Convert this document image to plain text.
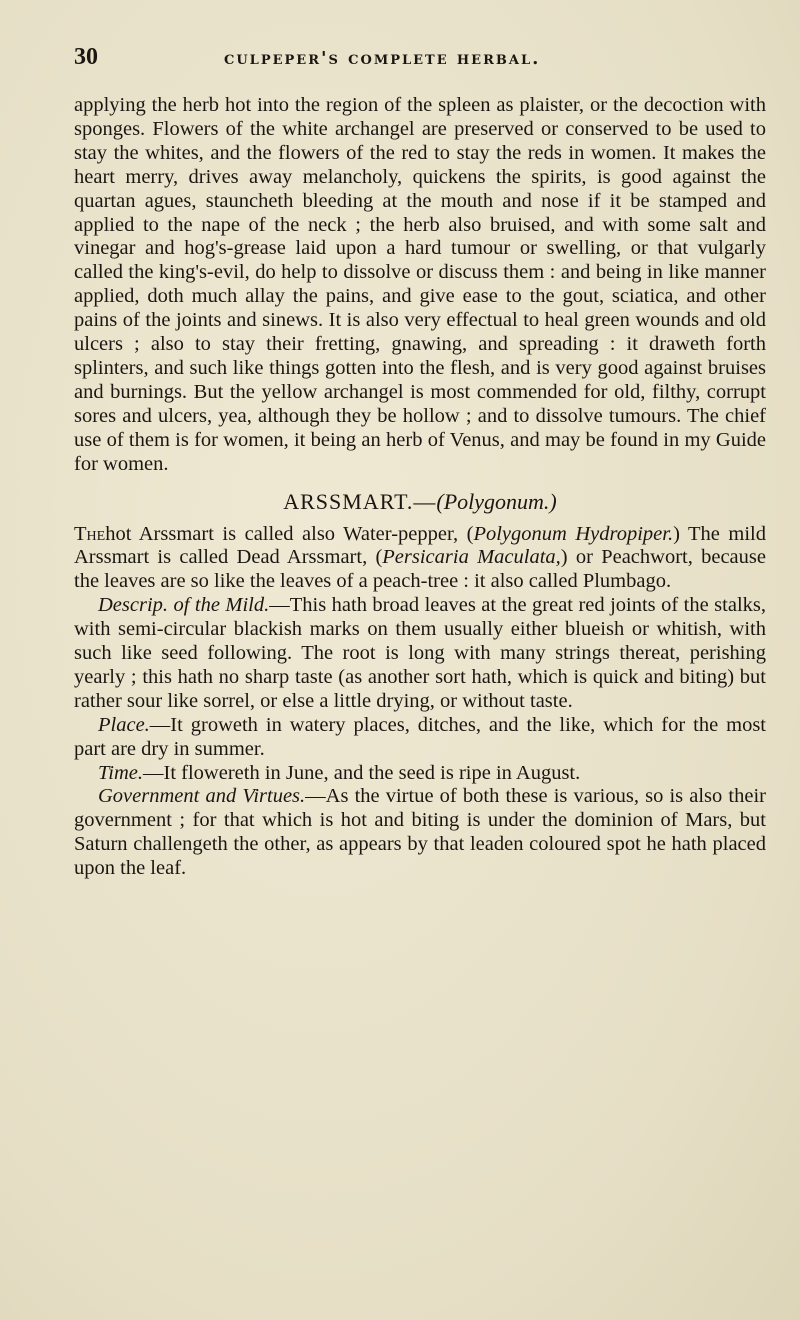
30	culpeper's complete herbal.

applying the herb hot into the region of the spleen as plaister, or the decoction with sponges. Flowers of the white archangel are preserved or conserved to be used to stay the whites, and the flowers of the red to stay the reds in women. It makes the heart merry, drives away melancholy, quickens the spirits, is good against the quartan agues, stauncheth bleeding at the mouth and nose if it be stamped and applied to the nape of the neck ; the herb also bruised, and with some salt and vinegar and hog's-grease laid upon a hard tumour or swelling, or that vulgarly called the king's-evil, do help to dissolve or discuss them : and being in like manner applied, doth much allay the pains, and give ease to the gout, sciatica, and other pains of the joints and sinews. It is also very effectual to heal green wounds and old ulcers ; also to stay their fretting, gnawing, and spreading : it draweth forth splinters, and such like things gotten into the flesh, and is very good against bruises and burnings. But the yellow archangel is most commended for old, filthy, corrupt sores and ulcers, yea, although they be hollow ; and to dissolve tumours. The chief use of them is for women, it being an herb of Venus, and may be found in my Guide for women.

ARSSMART.—(Polygonum.)

Thehot Arssmart is called also Water-pepper, (Polygonum Hydropiper.) The mild Arssmart is called Dead Arssmart, (Persicaria Maculata,) or Peachwort, because the leaves are so like the leaves of a peach-tree : it also called Plumbago.

Descrip. of the Mild.—This hath broad leaves at the great red joints of the stalks, with semi-circular blackish marks on them usually either blueish or whitish, with such like seed following. The root is long with many strings thereat, perishing yearly ; this hath no sharp taste (as another sort hath, which is quick and biting) but rather sour like sorrel, or else a little drying, or without taste.

Place.—It groweth in watery places, ditches, and the like, which for the most part are dry in summer.

Time.—It flowereth in June, and the seed is ripe in August.

Government and Virtues.—As the virtue of both these is various, so is also their government ; for that which is hot and biting is under the dominion of Mars, but Saturn challengeth the other, as appears by that leaden coloured spot he hath placed upon the leaf.
